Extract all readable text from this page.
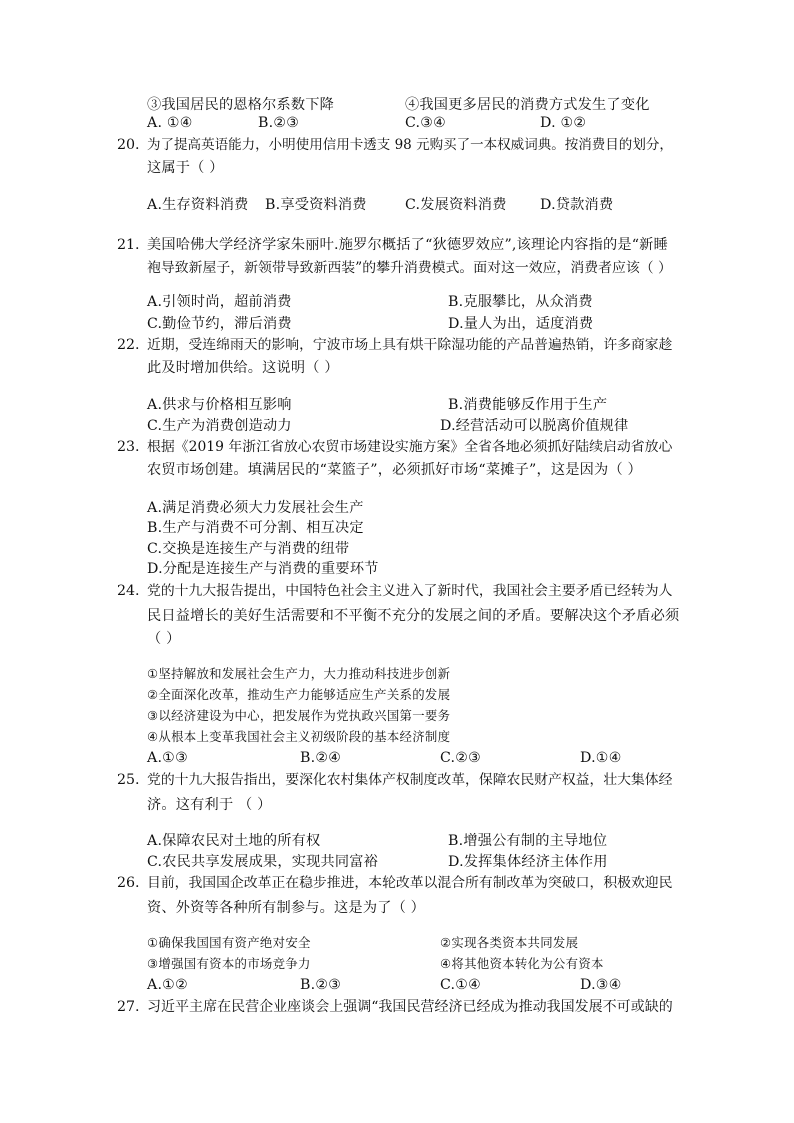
③我国居民的恩格尔系数下降	④我国更多居民的消费方式发生了变化
A. ①④	B.②③	C.③④	D. ①②
20. 为了提高英语能力，小明使用信用卡透支 98 元购买了一本权威词典。按消费目的划分，
这属于（ ）
A.生存资料消费 B.享受资料消费	C.发展资料消费 D.贷款消费
21. 美国哈佛大学经济学家朱丽叶.施罗尔概括了“狄德罗效应”,该理论内容指的是“新睡
袍导致新屋子，新领带导致新西装”的攀升消费模式。面对这一效应，消费者应该（ ）
A.引领时尚，超前消费	B.克服攀比，从众消费
C.勤俭节约，滞后消费	D.量人为出，适度消费
22. 近期，受连绵雨天的影响，宁波市场上具有烘干除湿功能的产品普遍热销，许多商家趁
此及时增加供给。这说明（ ）
A.供求与价格相互影响	B.消费能够反作用于生产
C.生产为消费创造动力	D.经营活动可以脱离价值规律
23. 根据《2019 年浙江省放心农贸市场建设实施方案》全省各地必须抓好陆续启动省放心
农贸市场创建。填满居民的“菜篮子”，必须抓好市场“菜摊子”，这是因为（ ）
A.满足消费必须大力发展社会生产
B.生产与消费不可分割、相互决定
C.交换是连接生产与消费的纽带
D.分配是连接生产与消费的重要环节
24. 党的十九大报告提出，中国特色社会主义进入了新时代，我国社会主要矛盾已经转为人
民日益增长的美好生活需要和不平衡不充分的发展之间的矛盾。要解决这个矛盾必须
（ ）
①坚持解放和发展社会生产力，大力推动科技进步创新
②全面深化改革，推动生产力能够适应生产关系的发展
③以经济建设为中心，把发展作为党执政兴国第一要务
④从根本上变革我国社会主义初级阶段的基本经济制度
A.①③	B.②④	C.②③	D.①④
25. 党的十九大报告指出，要深化农村集体产权制度改革，保障农民财产权益，壮大集体经
济。这有利于 （ ）
A.保障农民对土地的所有权	B.增强公有制的主导地位
C.农民共享发展成果，实现共同富裕	D.发挥集体经济主体作用
26. 目前，我国国企改革正在稳步推进，本轮改革以混合所有制改革为突破口，积极欢迎民
资、外资等各种所有制参与。这是为了（ ）
①确保我国国有资产绝对安全	②实现各类资本共同发展
③增强国有资本的市场竞争力	④将其他资本转化为公有资本
A.①②	B.②③	C.①④	D.③④
27. 习近平主席在民营企业座谈会上强调“我国民营经济已经成为推动我国发展不可或缺的
